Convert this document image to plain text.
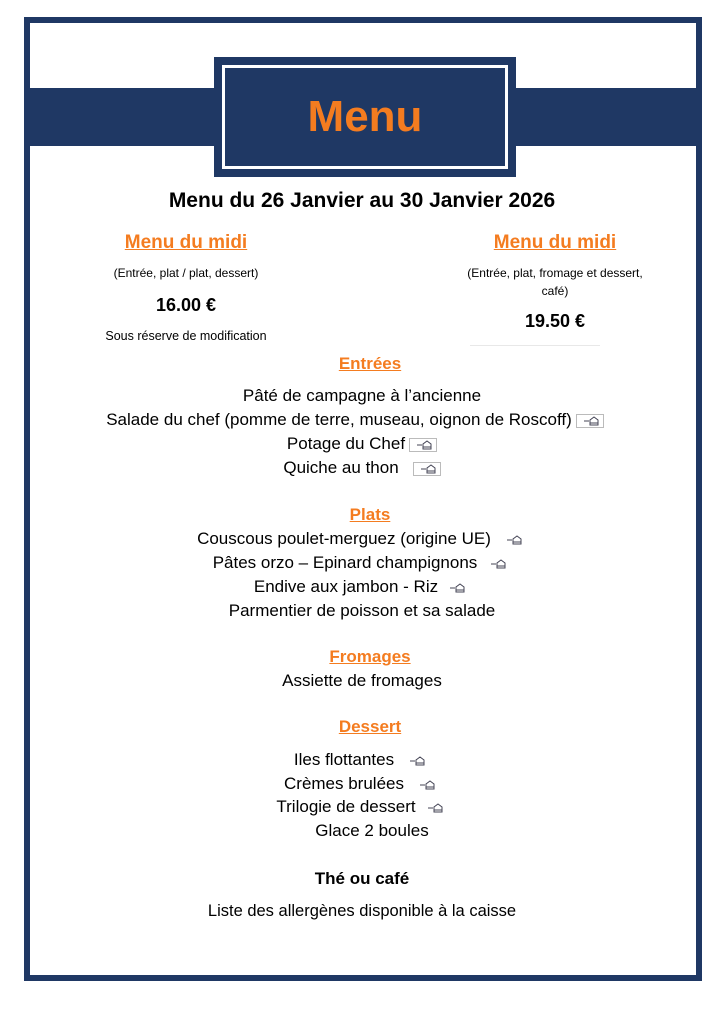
Menu
Menu du 26 Janvier au 30 Janvier 2026
Menu du midi
(Entrée, plat / plat, dessert)
16.00 €
Sous réserve de modification
Menu du midi
(Entrée, plat, fromage et dessert,
café)
19.50 €
Entrées
Pâté de campagne à l’ancienne
Salade du chef (pomme de terre, museau, oignon de Roscoff)
Potage du Chef
Quiche au thon
Plats
Couscous poulet-merguez (origine UE)
Pâtes orzo – Epinard champignons
Endive aux jambon - Riz
Parmentier de poisson et sa salade
Fromages
Assiette de fromages
Dessert
Iles flottantes
Crèmes brulées
Trilogie de dessert
Glace 2 boules
Thé ou café
Liste des allergènes disponible à la caisse
